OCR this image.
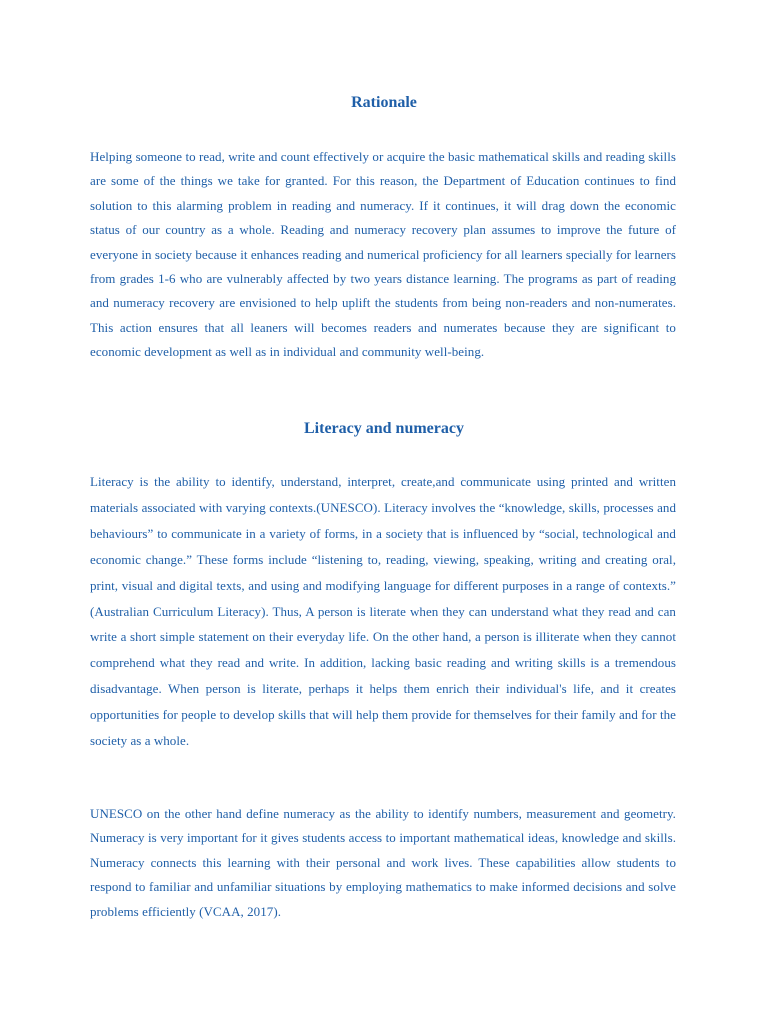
Rationale

Helping someone to read, write and count effectively or acquire the basic mathematical skills and reading skills are some of the things we take for granted. For this reason, the Department of Education continues to find solution to this alarming problem in reading and numeracy. If it continues, it will drag down the economic status of our country as a whole. Reading and numeracy recovery plan assumes to improve the future of everyone in society because it enhances reading and numerical proficiency for all learners specially for learners from grades 1-6 who are vulnerably affected by two years distance learning. The programs as part of reading and numeracy recovery are envisioned to help uplift the students from being non-readers and non-numerates. This action ensures that all leaners will becomes readers and numerates because they are significant to economic development as well as in individual and community well-being.

Literacy and numeracy

Literacy is the ability to identify, understand, interpret, create,and communicate using printed and written materials associated with varying contexts.(UNESCO). Literacy involves the “knowledge, skills, processes and behaviours” to communicate in a variety of forms, in a society that is influenced by “social, technological and economic change.” These forms include “listening to, reading, viewing, speaking, writing and creating oral, print, visual and digital texts, and using and modifying language for different purposes in a range of contexts.” (Australian Curriculum Literacy). Thus, A person is literate when they can understand what they read and can write a short simple statement on their everyday life. On the other hand, a person is illiterate when they cannot comprehend what they read and write. In addition, lacking basic reading and writing skills is a tremendous disadvantage. When person is literate, perhaps it helps them enrich their individual's life, and it creates opportunities for people to develop skills that will help them provide for themselves for their family and for the society as a whole.

UNESCO on the other hand define numeracy as the ability to identify numbers, measurement and geometry. Numeracy is very important for it gives students access to important mathematical ideas, knowledge and skills. Numeracy connects this learning with their personal and work lives. These capabilities allow students to respond to familiar and unfamiliar situations by employing mathematics to make informed decisions and solve problems efficiently (VCAA, 2017).
